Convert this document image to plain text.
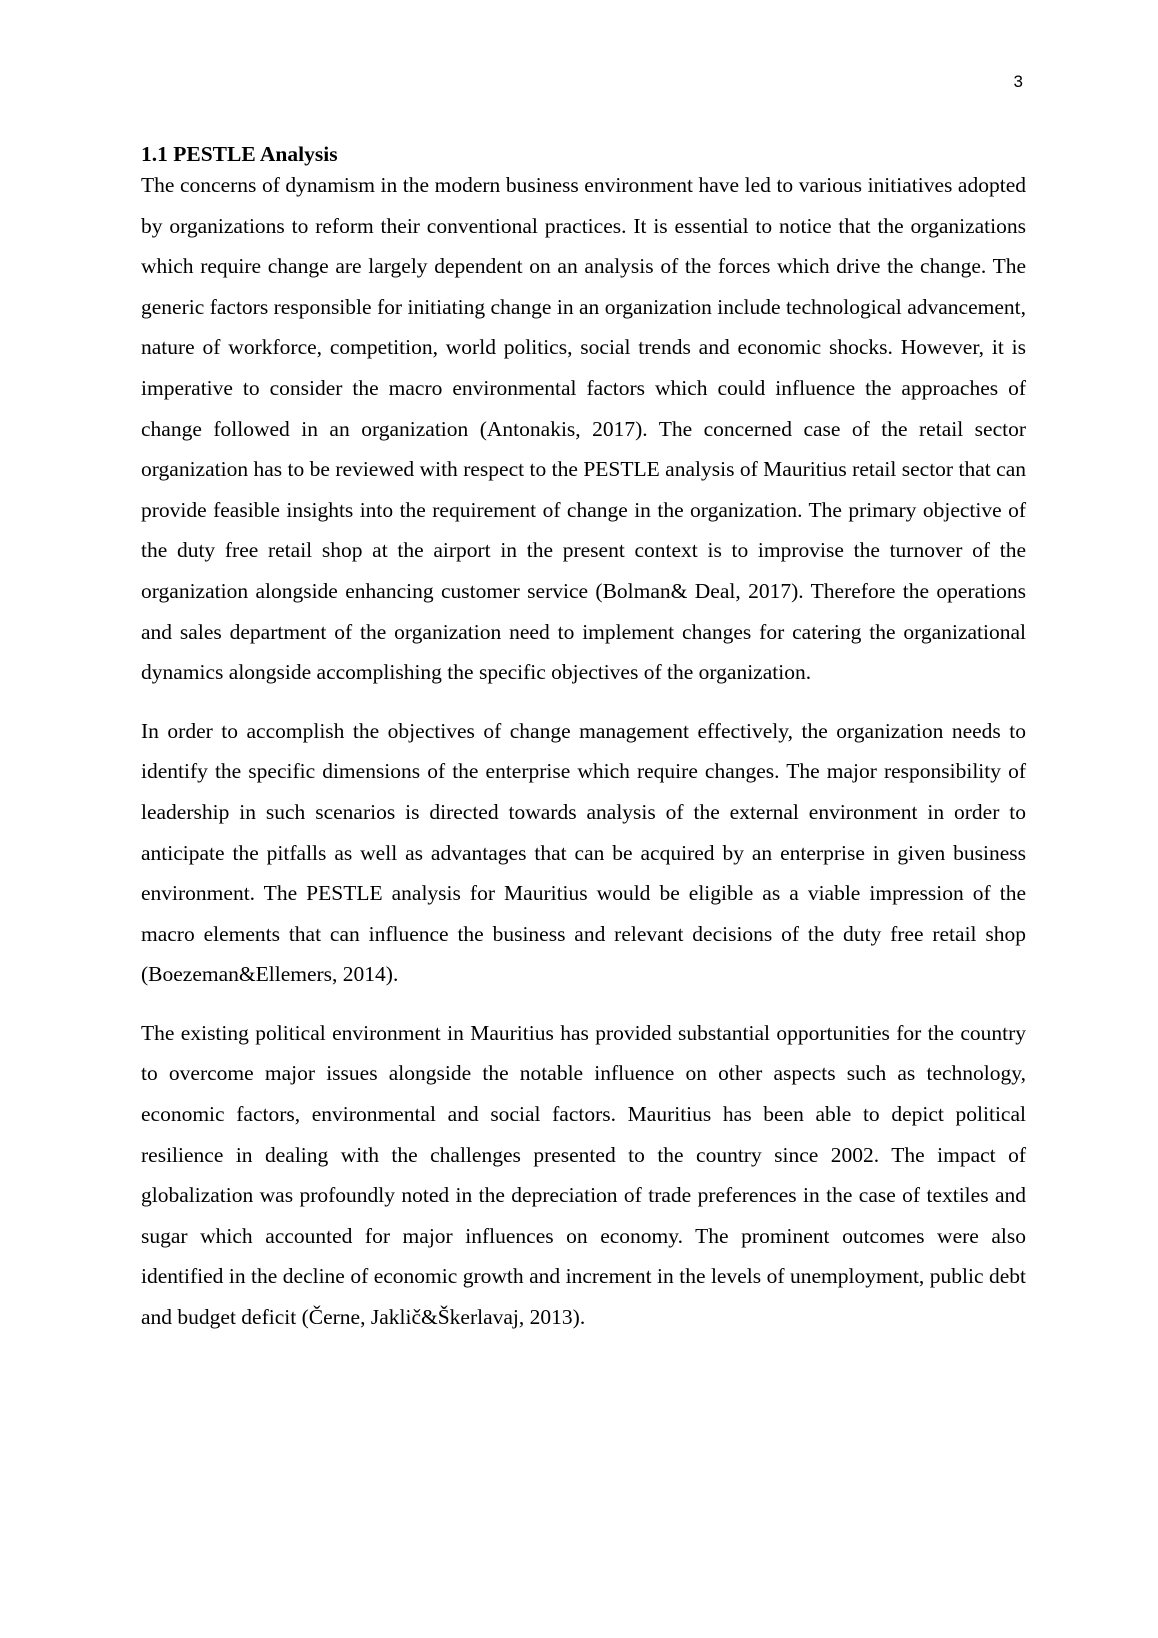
3
1.1 PESTLE Analysis

The concerns of dynamism in the modern business environment have led to various initiatives adopted by organizations to reform their conventional practices. It is essential to notice that the organizations which require change are largely dependent on an analysis of the forces which drive the change. The generic factors responsible for initiating change in an organization include technological advancement, nature of workforce, competition, world politics, social trends and economic shocks. However, it is imperative to consider the macro environmental factors which could influence the approaches of change followed in an organization (Antonakis, 2017). The concerned case of the retail sector organization has to be reviewed with respect to the PESTLE analysis of Mauritius retail sector that can provide feasible insights into the requirement of change in the organization. The primary objective of the duty free retail shop at the airport in the present context is to improvise the turnover of the organization alongside enhancing customer service (Bolman& Deal, 2017). Therefore the operations and sales department of the organization need to implement changes for catering the organizational dynamics alongside accomplishing the specific objectives of the organization.

In order to accomplish the objectives of change management effectively, the organization needs to identify the specific dimensions of the enterprise which require changes. The major responsibility of leadership in such scenarios is directed towards analysis of the external environment in order to anticipate the pitfalls as well as advantages that can be acquired by an enterprise in given business environment. The PESTLE analysis for Mauritius would be eligible as a viable impression of the macro elements that can influence the business and relevant decisions of the duty free retail shop (Boezeman&Ellemers, 2014).

The existing political environment in Mauritius has provided substantial opportunities for the country to overcome major issues alongside the notable influence on other aspects such as technology, economic factors, environmental and social factors. Mauritius has been able to depict political resilience in dealing with the challenges presented to the country since 2002. The impact of globalization was profoundly noted in the depreciation of trade preferences in the case of textiles and sugar which accounted for major influences on economy. The prominent outcomes were also identified in the decline of economic growth and increment in the levels of unemployment, public debt and budget deficit (Černe, Jaklič&Škerlavaj, 2013).
